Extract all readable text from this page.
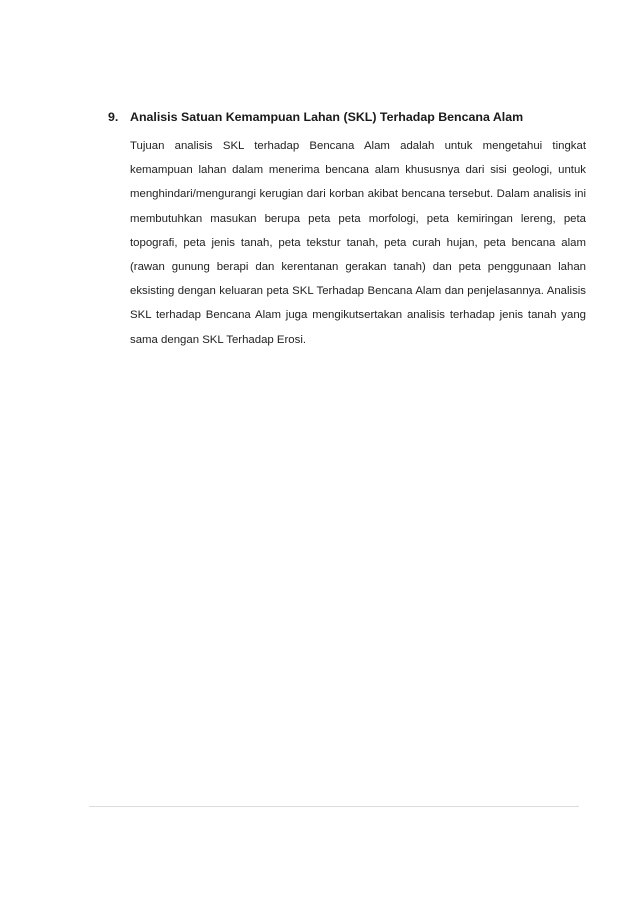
9. Analisis Satuan Kemampuan Lahan (SKL) Terhadap Bencana Alam

Tujuan analisis SKL terhadap Bencana Alam adalah untuk mengetahui tingkat kemampuan lahan dalam menerima bencana alam khususnya dari sisi geologi, untuk menghindari/mengurangi kerugian dari korban akibat bencana tersebut. Dalam analisis ini membutuhkan masukan berupa peta peta morfologi, peta kemiringan lereng, peta topografi, peta jenis tanah, peta tekstur tanah, peta curah hujan, peta bencana alam (rawan gunung berapi dan kerentanan gerakan tanah) dan peta penggunaan lahan eksisting dengan keluaran peta SKL Terhadap Bencana Alam dan penjelasannya. Analisis SKL terhadap Bencana Alam juga mengikutsertakan analisis terhadap jenis tanah yang sama dengan SKL Terhadap Erosi.
